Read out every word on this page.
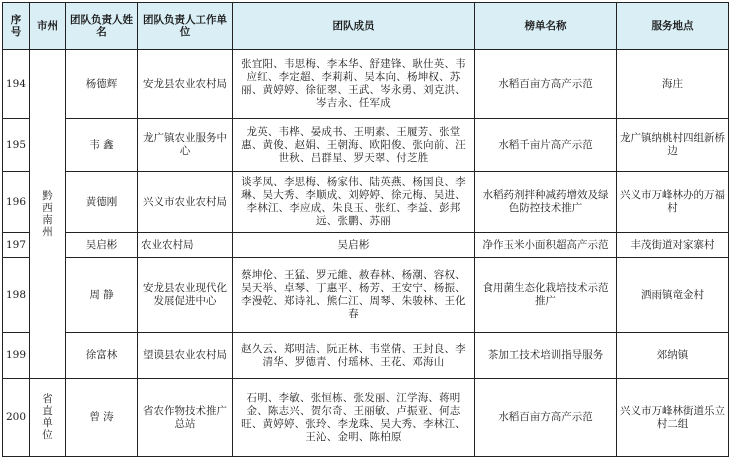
序号	市州	团队负责人姓名	团队负责人工作单位	团队成员	榜单名称	服务地点
194	黔西南州	杨德辉	安龙县农业农村局	张宜阳、韦思梅、李本华、舒建锋、耿仕英、韦应红、李定超、李莉莉、吴本向、杨坤权、苏丽、黄婷婷、徐征翠、王武、岑永勇、刘克洪、岑吉永、任军成	水稻百亩方高产示范	海庄
195		韦 鑫	龙广镇农业服务中心	龙英、韦桦、晏成书、王明素、王履芳、张堂惠、黄俊、赵娟、王朝海、欧阳俊、张向前、汪世秋、吕群星、罗天翠、付芝胜	水稻千亩片高产示范	龙广镇纳桃村四组新桥边
196		黄德刚	兴义市农业农村局	谈孝凤、李思梅、杨家伟、陆英燕、杨国良、李琳、吴大秀、李顺成、刘婷婷、徐元梅、吴进、李林江、李应成、朱良玉、张红、李益、彭邦远、张鹏、苏丽	水稻药剂拌种减药增效及绿色防控技术推广	兴义市万峰林办的万福村
197		吴启彬	农业农村局	吴启彬	净作玉米小面积超高产示范	丰茂街道对家寨村
198		周 静	安龙县农业现代化发展促进中心	蔡坤伦、王猛、罗元維、赦春林、杨潮、容权、吴天举、卓琴、丁惠平、杨芳、王安宁、杨振、李漫乾、郑诗礼、熊仁江、周琴、朱骏林、王化春	食用菌生态化栽培技术示范推广	洒雨镇竜金村
199		徐富林	望谟县农业农村局	赵久云、郑明洁、阮正林、韦堂倩、王封良、李清华、罗德青、付瑶林、王花、邓海山	茶加工技术培训指导服务	郊纳镇
200	省直单位	曾 涛	省农作物技术推广总站	石明、李敏、张恒栋、张发丽、江学海、蒋明金、陈志兴、贺尔奇、王丽敏、卢振亚、何志旺、黄婷婷、张玲、李龙珠、吴大秀、李林江、王沁、金明、陈柏原	水稻百亩方高产示范	兴义市万峰林街道乐立村二组
